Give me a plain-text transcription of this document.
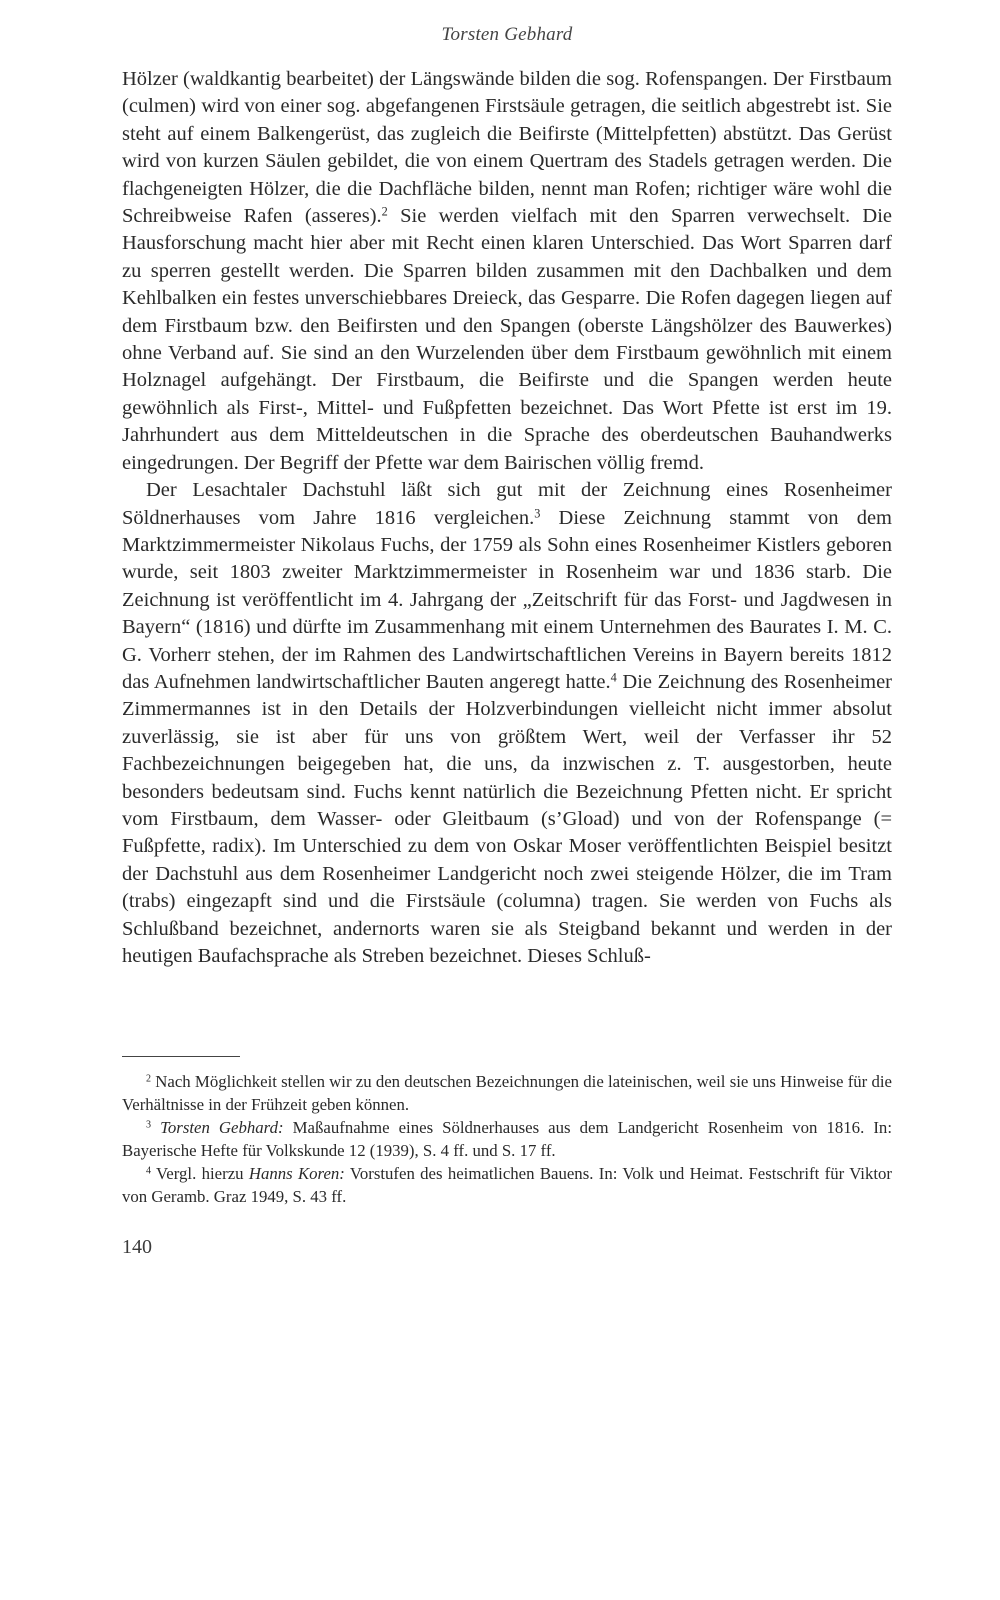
Torsten Gebhard

Hölzer (waldkantig bearbeitet) der Längswände bilden die sog. Rofenspangen. Der Firstbaum (culmen) wird von einer sog. abgefangenen Firstsäule getragen, die seitlich abgestrebt ist. Sie steht auf einem Balkengerüst, das zugleich die Beifirste (Mittelpfetten) abstützt. Das Gerüst wird von kurzen Säulen gebildet, die von einem Quertram des Stadels getragen werden. Die flachgeneigten Hölzer, die die Dachfläche bilden, nennt man Rofen; richtiger wäre wohl die Schreibweise Rafen (asseres).$^2$ Sie werden vielfach mit den Sparren verwechselt. Die Hausforschung macht hier aber mit Recht einen klaren Unterschied. Das Wort Sparren darf zu sperren gestellt werden. Die Sparren bilden zusammen mit den Dachbalken und dem Kehlbalken ein festes unverschiebbares Dreieck, das Gesparre. Die Rofen dagegen liegen auf dem Firstbaum bzw. den Beifirsten und den Spangen (oberste Längshölzer des Bauwerkes) ohne Verband auf. Sie sind an den Wurzelenden über dem Firstbaum gewöhnlich mit einem Holznagel aufgehängt. Der Firstbaum, die Beifirste und die Spangen werden heute gewöhnlich als First-, Mittel- und Fußpfetten bezeichnet. Das Wort Pfette ist erst im 19. Jahrhundert aus dem Mitteldeutschen in die Sprache des oberdeutschen Bauhandwerks eingedrungen. Der Begriff der Pfette war dem Bairischen völlig fremd.

Der Lesachtaler Dachstuhl läßt sich gut mit der Zeichnung eines Rosenheimer Söldnerhauses vom Jahre 1816 vergleichen.$^3$ Diese Zeichnung stammt von dem Marktzimmermeister Nikolaus Fuchs, der 1759 als Sohn eines Rosenheimer Kistlers geboren wurde, seit 1803 zweiter Marktzimmermeister in Rosenheim war und 1836 starb. Die Zeichnung ist veröffentlicht im 4. Jahrgang der „Zeitschrift für das Forst- und Jagdwesen in Bayern“ (1816) und dürfte im Zusammenhang mit einem Unternehmen des Baurates I. M. C. G. Vorherr stehen, der im Rahmen des Landwirtschaftlichen Vereins in Bayern bereits 1812 das Aufnehmen landwirtschaftlicher Bauten angeregt hatte.$^4$ Die Zeichnung des Rosenheimer Zimmermannes ist in den Details der Holzverbindungen vielleicht nicht immer absolut zuverlässig, sie ist aber für uns von größtem Wert, weil der Verfasser ihr 52 Fachbezeichnungen beigegeben hat, die uns, da inzwischen z. T. ausgestorben, heute besonders bedeutsam sind. Fuchs kennt natürlich die Bezeichnung Pfetten nicht. Er spricht vom Firstbaum, dem Wasser- oder Gleitbaum (s’Gload) und von der Rofenspange (= Fußpfette, radix). Im Unterschied zu dem von Oskar Moser veröffentlichten Beispiel besitzt der Dachstuhl aus dem Rosenheimer Landgericht noch zwei steigende Hölzer, die im Tram (trabs) eingezapft sind und die Firstsäule (columna) tragen. Sie werden von Fuchs als Schlußband bezeichnet, andernorts waren sie als Steigband bekannt und werden in der heutigen Baufachsprache als Streben bezeichnet. Dieses Schluß-

$^2$ Nach Möglichkeit stellen wir zu den deutschen Bezeichnungen die lateinischen, weil sie uns Hinweise für die Verhältnisse in der Frühzeit geben können.

$^3$ Torsten Gebhard: Maßaufnahme eines Söldnerhauses aus dem Landgericht Rosenheim von 1816. In: Bayerische Hefte für Volkskunde 12 (1939), S. 4 ff. und S. 17 ff.

$^4$ Vergl. hierzu Hanns Koren: Vorstufen des heimatlichen Bauens. In: Volk und Heimat. Festschrift für Viktor von Geramb. Graz 1949, S. 43 ff.

140
